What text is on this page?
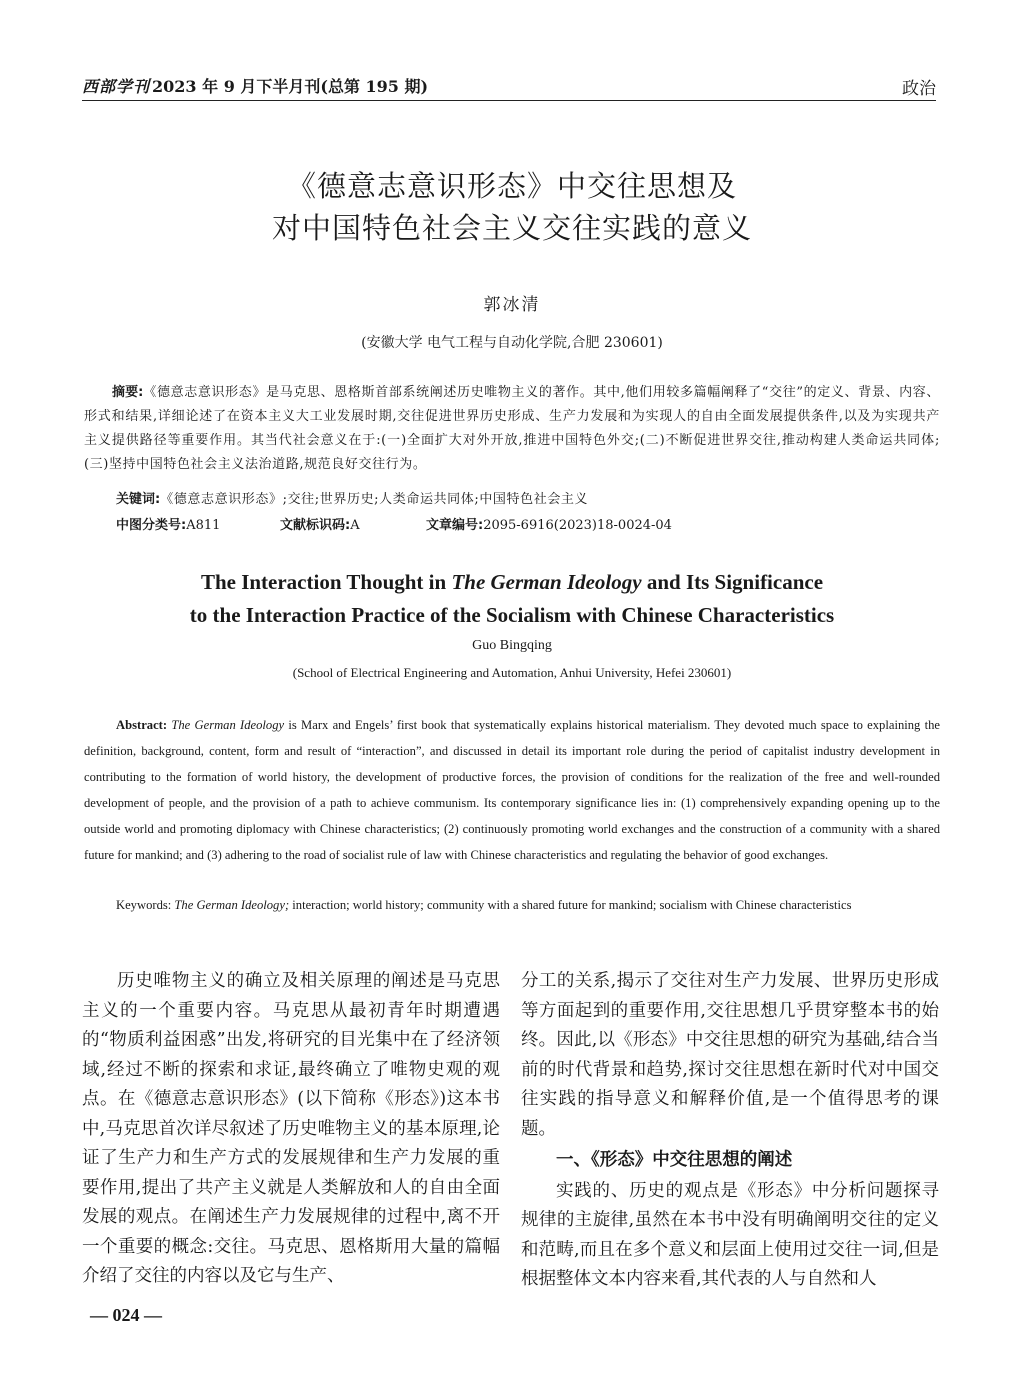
西部学刊 2023 年 9 月下半月刊(总第 195 期)	政治
《德意志意识形态》中交往思想及
对中国特色社会主义交往实践的意义
郭冰清
(安徽大学 电气工程与自动化学院,合肥 230601)
摘要:《德意志意识形态》是马克思、恩格斯首部系统阐述历史唯物主义的著作。其中,他们用较多篇幅阐释了“交往”的定义、背景、内容、形式和结果,详细论述了在资本主义大工业发展时期,交往促进世界历史形成、生产力发展和为实现人的自由全面发展提供条件,以及为实现共产主义提供路径等重要作用。其当代社会意义在于:(一)全面扩大对外开放,推进中国特色外交;(二)不断促进世界交往,推动构建人类命运共同体;(三)坚持中国特色社会主义法治道路,规范良好交往行为。
关键词:《德意志意识形态》;交往;世界历史;人类命运共同体;中国特色社会主义
中图分类号:A811	文献标识码:A	文章编号:2095-6916(2023)18-0024-04
The Interaction Thought in The German Ideology and Its Significance
to the Interaction Practice of the Socialism with Chinese Characteristics
Guo Bingqing
(School of Electrical Engineering and Automation, Anhui University, Hefei 230601)
Abstract: The German Ideology is Marx and Engels’ first book that systematically explains historical materialism. They devoted much space to explaining the definition, background, content, form and result of “interaction”, and discussed in detail its important role during the period of capitalist industry development in contributing to the formation of world history, the development of productive forces, the provision of conditions for the realization of the free and well-rounded development of people, and the provision of a path to achieve communism. Its contemporary significance lies in: (1) comprehensively expanding opening up to the outside world and promoting diplomacy with Chinese characteristics; (2) continuously promoting world exchanges and the construction of a community with a shared future for mankind; and (3) adhering to the road of socialist rule of law with Chinese characteristics and regulating the behavior of good exchanges.
Keywords: The German Ideology; interaction; world history; community with a shared future for mankind; socialism with Chinese characteristics

历史唯物主义的确立及相关原理的阐述是马克思主义的一个重要内容。马克思从最初青年时期遭遇的“物质利益困惑”出发,将研究的目光集中在了经济领域,经过不断的探索和求证,最终确立了唯物史观的观点。在《德意志意识形态》(以下简称《形态》)这本书中,马克思首次详尽叙述了历史唯物主义的基本原理,论证了生产力和生产方式的发展规律和生产力发展的重要作用,提出了共产主义就是人类解放和人的自由全面发展的观点。在阐述生产力发展规律的过程中,离不开一个重要的概念:交往。马克思、恩格斯用大量的篇幅介绍了交往的内容以及它与生产、

分工的关系,揭示了交往对生产力发展、世界历史形成等方面起到的重要作用,交往思想几乎贯穿整本书的始终。因此,以《形态》中交往思想的研究为基础,结合当前的时代背景和趋势,探讨交往思想在新时代对中国交往实践的指导意义和解释价值,是一个值得思考的课题。

一、《形态》中交往思想的阐述

实践的、历史的观点是《形态》中分析问题探寻规律的主旋律,虽然在本书中没有明确阐明交往的定义和范畴,而且在多个意义和层面上使用过交往一词,但是根据整体文本内容来看,其代表的人与自然和人

— 024 —
